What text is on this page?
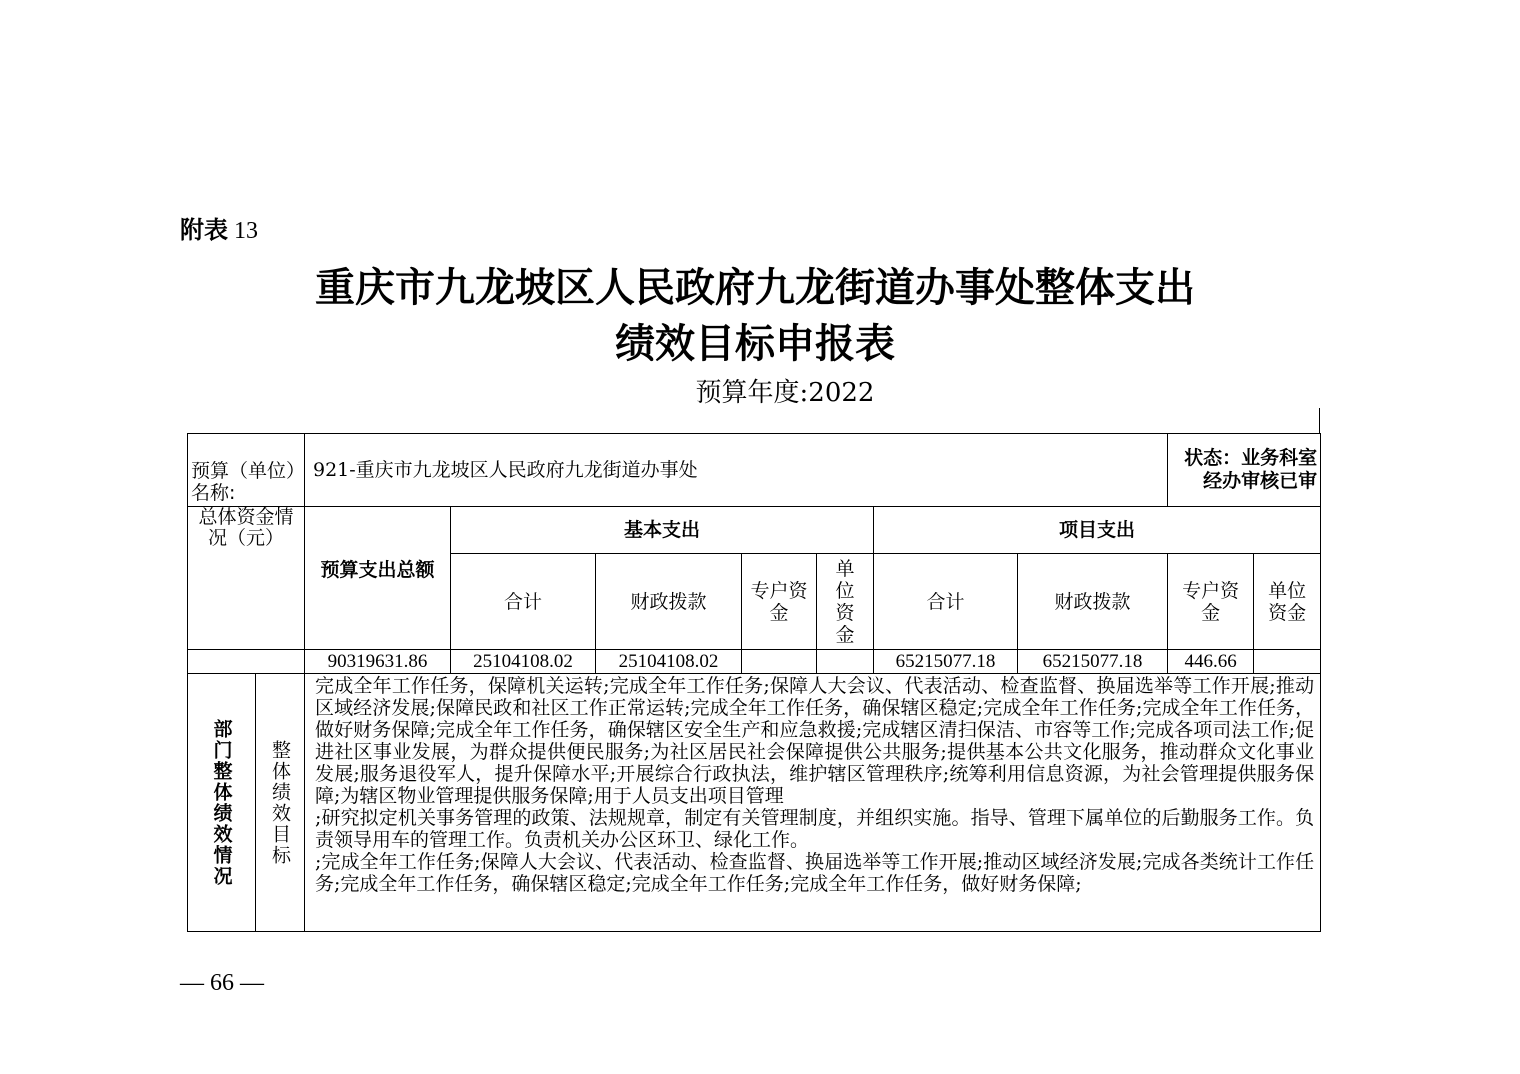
附表 13
重庆市九龙坡区人民政府九龙街道办事处整体支出
绩效目标申报表
预算年度:2022
预算（单位）名称:		921-重庆市九龙坡区人民政府九龙街道办事处							状态：业务科室经办审核已审	
总体资金情况（元）		预算支出总额	基本支出				项目支出			
			合计	财政拨款	专户资金	单位资金	合计	财政拨款	专户资金	单位资金
		90319631.86	25104108.02	25104108.02			65215077.18	65215077.18	446.66	

部门整体绩效情况	整体绩效目标	完成全年工作任务，保障机关运转;完成全年工作任务;保障人大会议、代表活动、检查监督、换届选举等工作开展;推动区域经济发展;保障民政和社区工作正常运转;完成全年工作任务，确保辖区稳定;完成全年工作任务;完成全年工作任务，做好财务保障;完成全年工作任务，确保辖区安全生产和应急救援;完成辖区清扫保洁、市容等工作;完成各项司法工作;促进社区事业发展，为群众提供便民服务;为社区居民社会保障提供公共服务;提供基本公共文化服务，推动群众文化事业发展;服务退役军人，提升保障水平;开展综合行政执法，维护辖区管理秩序;统筹利用信息资源，为社会管理提供服务保障;为辖区物业管理提供服务保障;用于人员支出项目管理

;研究拟定机关事务管理的政策、法规规章，制定有关管理制度，并组织实施。指导、管理下属单位的后勤服务工作。负责领导用车的管理工作。负责机关办公区环卫、绿化工作。

;完成全年工作任务;保障人大会议、代表活动、检查监督、换届选举等工作开展;推动区域经济发展;完成各类统计工作任务;完成全年工作任务，确保辖区稳定;完成全年工作任务;完成全年工作任务，做好财务保障;								

— 66 —
